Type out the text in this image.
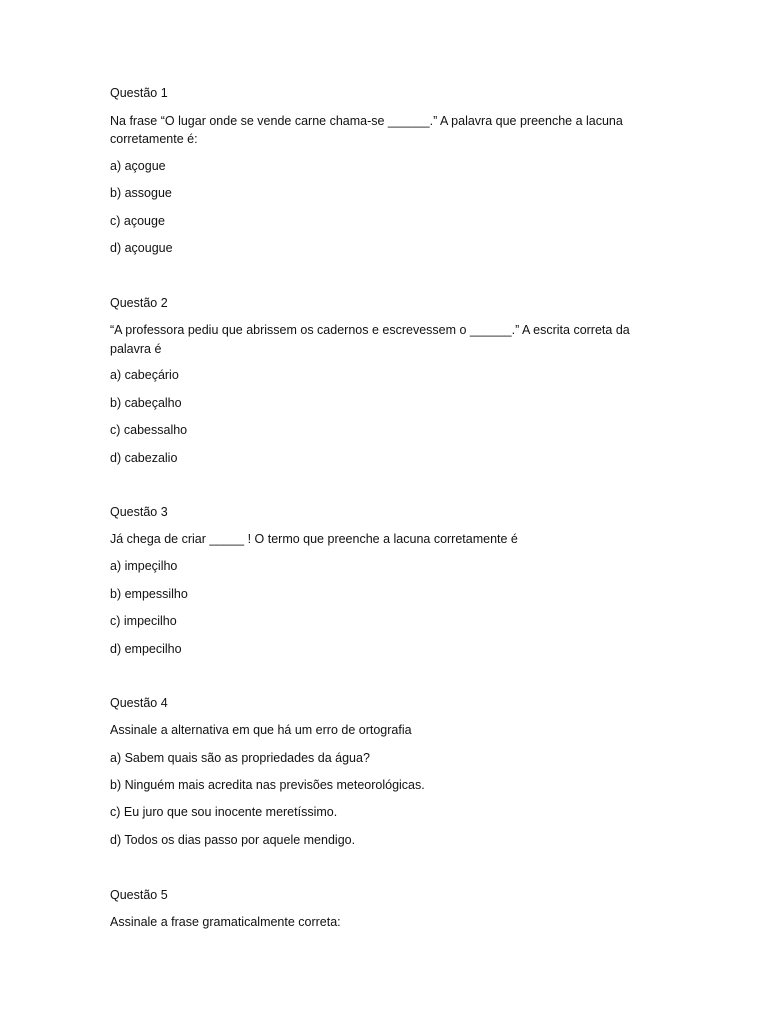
Questão 1
Na frase “O lugar onde se vende carne chama-se ______.” A palavra que preenche a lacuna
corretamente é:
a) açogue
b) assogue
c) açouge
d) açougue
Questão 2
“A professora pediu que abrissem os cadernos e escrevessem o ______.” A escrita correta da
palavra é
a) cabeçário
b) cabeçalho
c) cabessalho
d) cabezalio
Questão 3
Já chega de criar _____ ! O termo que preenche a lacuna corretamente é
a) impeçilho
b) empessilho
c) impecilho
d) empecilho
Questão 4
Assinale a alternativa em que há um erro de ortografia
a) Sabem quais são as propriedades da água?
b) Ninguém mais acredita nas previsões meteorológicas.
c) Eu juro que sou inocente meretíssimo.
d) Todos os dias passo por aquele mendigo.
Questão 5
Assinale a frase gramaticalmente correta:
